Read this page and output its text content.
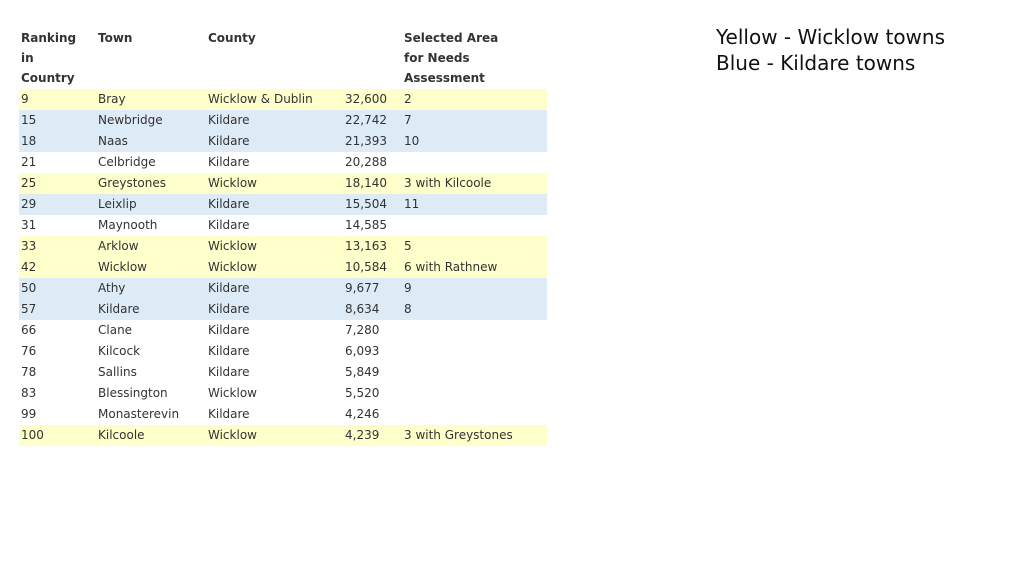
Ranking	Town	County		Selected Area
in				for Needs
Country				Assessment
9	Bray	Wicklow & Dublin	32,600	2
15	Newbridge	Kildare	22,742	7
18	Naas	Kildare	21,393	10
21	Celbridge	Kildare	20,288	
25	Greystones	Wicklow	18,140	3 with Kilcoole
29	Leixlip	Kildare	15,504	11
31	Maynooth	Kildare	14,585	
33	Arklow	Wicklow	13,163	5
42	Wicklow	Wicklow	10,584	6 with Rathnew
50	Athy	Kildare	9,677	9
57	Kildare	Kildare	8,634	8
66	Clane	Kildare	7,280	
76	Kilcock	Kildare	6,093	
78	Sallins	Kildare	5,849	
83	Blessington	Wicklow	5,520	
99	Monasterevin	Kildare	4,246	
100	Kilcoole	Wicklow	4,239	3 with Greystones
Yellow - Wicklow towns
Blue - Kildare towns
